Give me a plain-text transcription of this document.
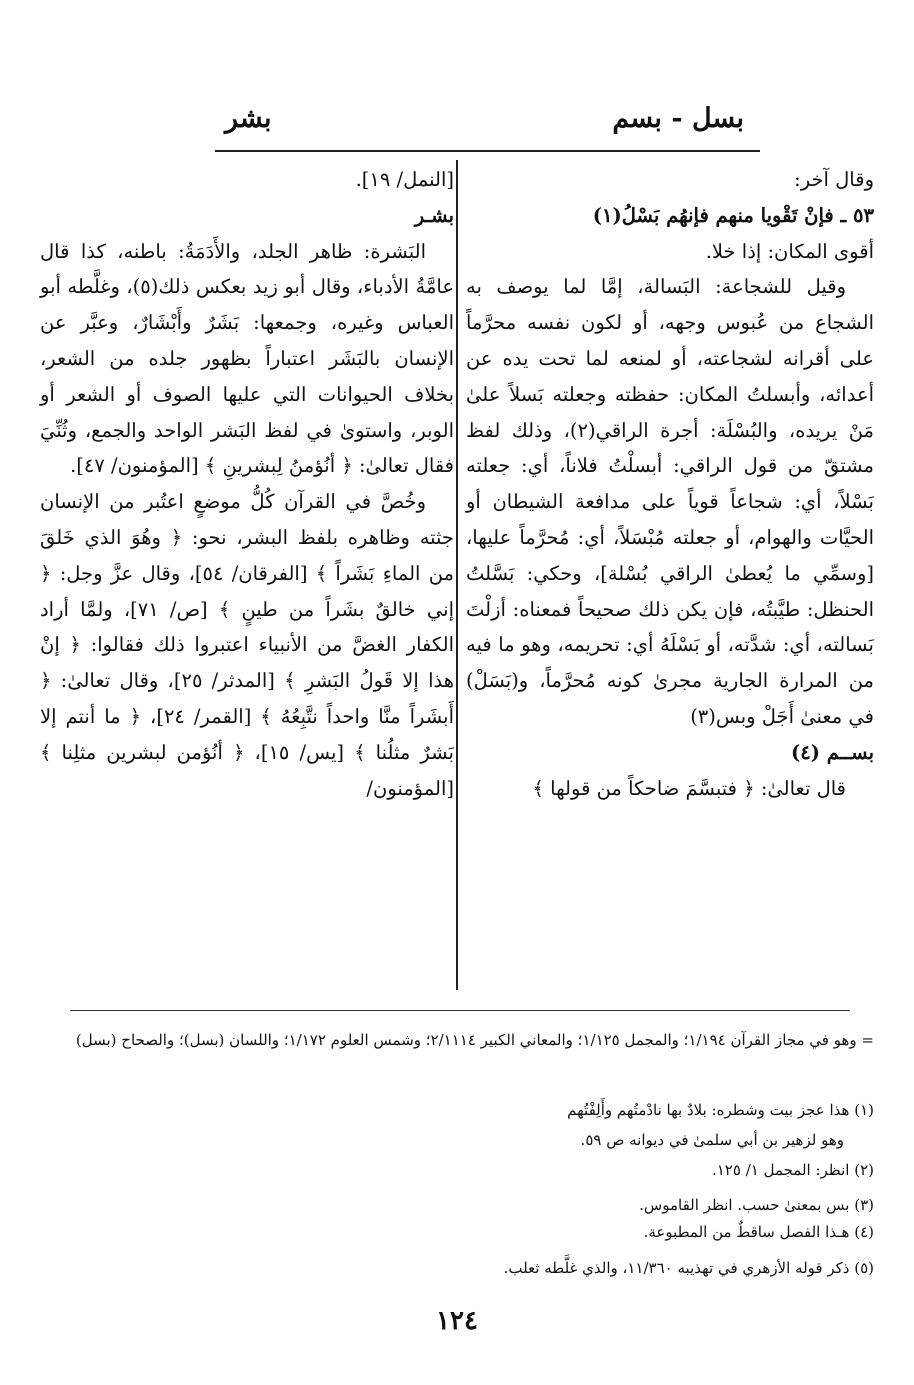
بسل - بسم
بشر

وقال آخر:

٥٣ ـ فإنْ تَقْويا منهم فإنهُم بَسْلُ(١)

أقوى المكان: إذا خلا.

وقيل للشجاعة: البَسالة، إمَّا لما يوصف به الشجاع من عُبوس وجهه، أو لكون نفسه محرَّماً على أقرانه لشجاعته، أو لمنعه لما تحت يده عن أعدائه، وأبسلتُ المكان: حفظته وجعلته بَسلاً علىٰ مَنْ يريده، والبُسْلَة: أجرة الراقي(٢)، وذلك لفظ مشتقّ من قول الراقي: أبسلْتُ فلاناً، أي: جعلته بَسْلاً، أي: شجاعاً قوياً على مدافعة الشيطان أو الحيَّات والهوام، أو جعلته مُبْسَلاً، أي: مُحرَّماً عليها، [وسمِّي ما يُعطىٰ الراقي بُسْلة]، وحكي: بَسَّلتُ الحنظل: طيَّبتُه، فإن يكن ذلك صحيحاً فمعناه: أزلْتَ بَسالته، أي: شدَّته، أو بَسْلَهُ أي: تحريمه، وهو ما فيه من المرارة الجارية مجرىٰ كونه مُحرَّماً، و(بَسَلْ) في معنىٰ أَجَلْ وبس(٣)

بســم (٤)

قال تعالىٰ: ﴿ فتبسَّمَ ضاحكاً من قولها ﴾

[النمل/ ١٩].

بشـر

البَشرة: ظاهر الجلد، والأَدَمَةُ: باطنه، كذا قال عامَّةُ الأدباء، وقال أبو زيد بعكس ذلك(٥)، وغلَّطه أبو العباس وغيره، وجمعها: بَشَرٌ وأَبْشَارٌ، وعبَّر عن الإنسان بالبَشَر اعتباراً بظهور جلده من الشعر، بخلاف الحيوانات التي عليها الصوف أو الشعر أو الوبر، واستوىٰ في لفظ البَشر الواحد والجمع، وثُنِّيَ فقال تعالىٰ: ﴿ أنُؤمنُ لِبشرينِ ﴾ [المؤمنون/ ٤٧].

وخُصَّ في القرآن كُلُّ موضعٍ اعتُبر من الإنسان جثته وظاهره بلفظ البشر، نحو: ﴿ وهُوَ الذي خَلقَ من الماءِ بَشَراً ﴾ [الفرقان/ ٥٤]، وقال عزَّ وجل: ﴿ إني خالقٌ بشَراً من طينٍ ﴾ [ص/ ٧١]، ولمَّا أراد الكفار الغضَّ من الأنبياء اعتبروا ذلك فقالوا: ﴿ إنْ هذا إلا قَولُ البَشرِ ﴾ [المدثر/ ٢٥]، وقال تعالىٰ: ﴿ أَبشَراً منَّا واحداً نتَّبِعُهُ ﴾ [القمر/ ٢٤]، ﴿ ما أنتم إلا بَشرٌ مثلُنا ﴾ [يس/ ١٥]، ﴿ أنُؤمن لبشرين مثلِنا ﴾ [المؤمنون/

= وهو في مجاز القرآن ١/١٩٤؛ والمجمل ١/١٢٥؛ والمعاني الكبير ٢/١١١٤؛ وشمس العلوم ١/١٧٢؛ واللسان (بسل)؛ والصحاح (بسل)
(١) هذا عجز بيت وشطره: بلادٌ بها نادْمتُهم وأَلِفْتُهم
وهو لزهير بن أبي سلمىٰ في ديوانه ص ٥٩.
(٢) انظر: المجمل ١/ ١٢٥.
(٣) بس بمعنىٰ حسب. انظر القاموس.
(٤) هـذا الفصل ساقطٌ من المطبوعة.
(٥) ذكر قوله الأزهري في تهذيبه ١١/٣٦٠، والذي غلَّطه ثعلب.
١٢٤
